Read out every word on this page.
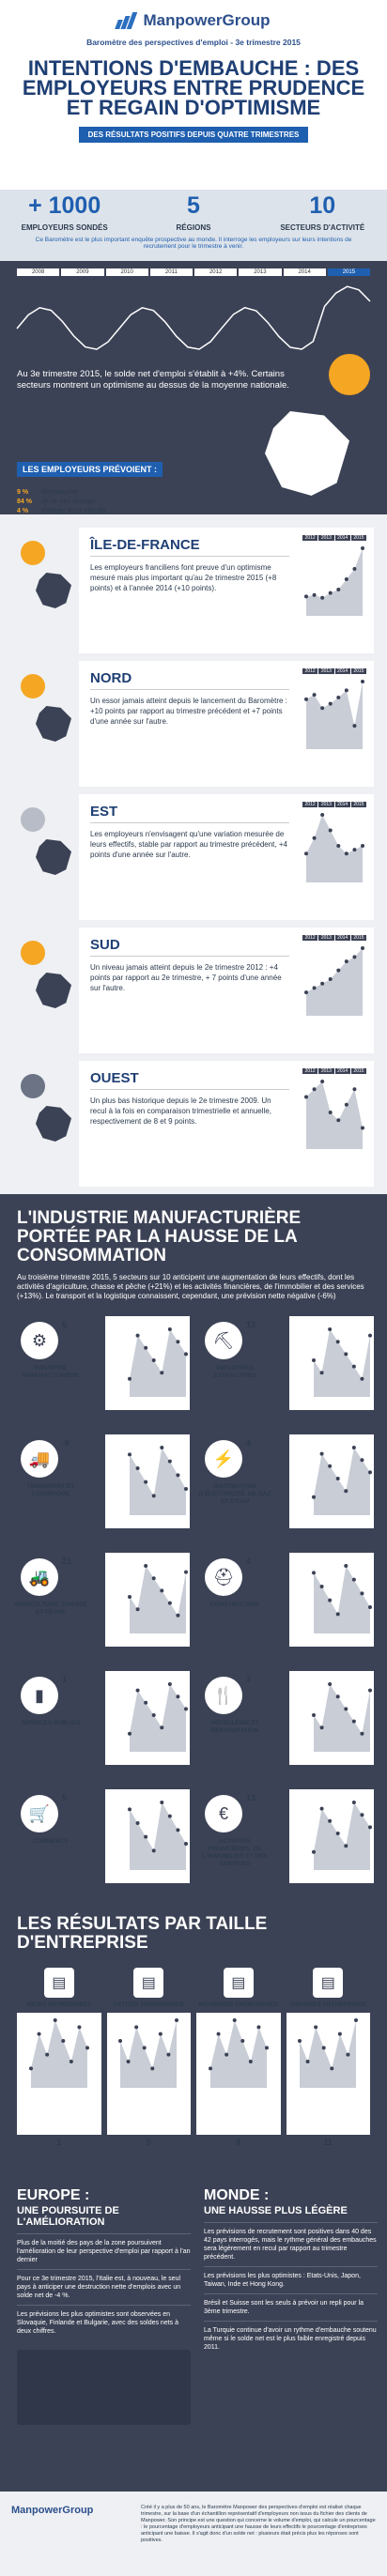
ManpowerGroup
Baromètre des perspectives d'emploi - 3e trimestre 2015
INTENTIONS D'EMBAUCHE : DES EMPLOYEURS ENTRE PRUDENCE ET REGAIN D'OPTIMISME
DES RÉSULTATS POSITIFS DEPUIS QUATRE TRIMESTRES
+ 1000
EMPLOYEURS SONDÉS
5
RÉGIONS
10
SECTEURS D'ACTIVITÉ
Ce Baromètre est le plus important enquête prospective au monde. Il interroge les employeurs sur leurs intentions de recrutement pour le trimestre à venir.
2008	2009	2010	2011	2012	2013	2014	2015
Au 3e trimestre 2015, le solde net d'emploi s'établit à +4%. Certains secteurs montrent un optimisme au dessus de la moyenne nationale.
LES EMPLOYEURS PRÉVOIENT :
9 % d'embaucher
84 % de ne rien changer
4 % d'alléger leurs effectifs
ÎLE-DE-FRANCE

Les employeurs franciliens font preuve d'un optimisme mesuré mais plus important qu'au 2e trimestre 2015 (+8 points) et à l'année 2014 (+10 points).

2012	2013	2014	2015
NORD

Un essor jamais atteint depuis le lancement du Baromètre : +10 points par rapport au trimestre précédent et +7 points d'une année sur l'autre.

2012	2013	2014	2015
EST

Les employeurs n'envisagent qu'une variation mesurée de leurs effectifs, stable par rapport au trimestre précédent, +4 points d'une année sur l'autre.

2012	2013	2014	2015
SUD

Un niveau jamais atteint depuis le 2e trimestre 2012 : +4 points par rapport au 2e trimestre, + 7 points d'une année sur l'autre.

2012	2013	2014	2015
OUEST

Un plus bas historique depuis le 2e trimestre 2009. Un recul à la fois en comparaison trimestrielle et annuelle, respectivement de 8 et 9 points.

2012	2013	2014	2015
L'INDUSTRIE MANUFACTURIÈRE PORTÉE PAR LA HAUSSE DE LA CONSOMMATION
Au troisième trimestre 2015, 5 secteurs sur 10 anticipent une augmentation de leurs effectifs, dont les activités d'agriculture, chasse et pêche (+21%) et les activités financières, de l'immobilier et des services (+13%). Le transport et la logistique connaissent, cependant, une prévision nette négative (-6%)
⚙
6
INDUSTRIE MANUFACTURIÈRE
⛏
13
INDUSTRIES EXTRACTIVES
🚚
-6
TRANSPORT ET LOGISTIQUE
⚡
4
DISTRIBUTION D'ÉLECTRICITÉ, DE GAZ ET D'EAU
🚜
21
AGRICULTURE, CHASSE ET PÊCHE
⛑
4
CONSTRUCTION
▮
1
SERVICES PUBLICS
🍴
3
HÔTELLERIE ET RESTAURATION
🛒
5
COMMERCE
€
13
ACTIVITÉS FINANCIÈRES, DE L'IMMOBILIER ET DES SERVICES
LES RÉSULTATS PAR TAILLE D'ENTREPRISE
▤
MICRO ENTREPRISES
1
▤
PETITES ENTREPRISES
5
▤
MOYENNES ENTREPRISES
9
▤
GRANDES ENTREPRISES
11
EUROPE :
UNE POURSUITE DE L'AMÉLIORATION
Plus de la moitié des pays de la zone poursuivent l'amélioration de leur perspective d'emploi par rapport à l'an dernier
Pour ce 3e trimestre 2015, l'Italie est, à nouveau, le seul pays à anticiper une destruction nette d'emplois avec un solde net de -4 %.
Les prévisions les plus optimistes sont observées en Slovaquie, Finlande et Bulgarie, avec des soldes nets à deux chiffres.
MONDE :
UNE HAUSSE PLUS LÉGÈRE
Les prévisions de recrutement sont positives dans 40 des 42 pays interrogés, mais le rythme général des embauches sera légèrement en recul par rapport au trimestre précédent.
Les prévisions les plus optimistes : Etats-Unis, Japon, Taiwan, Inde et Hong Kong.
Brésil et Suisse sont les seuls à prévoir un repli pour la 3ème trimestre.
La Turquie continue d'avoir un rythme d'embauche soutenu même si le solde net est le plus faible enregistré depuis 2011.
ManpowerGroup	Créé il y a plus de 50 ans, le Baromètre Manpower des perspectives d'emploi est réalisé chaque trimestre, sur la base d'un échantillon représentatif d'employeurs non issus du fichier des clients de Manpower. Son principe est une question qui concerne le volume d'emploi, qui calcule un pourcentage : le pourcentage d'employeurs anticipant une hausse de leurs effectifs le pourcentage d'entreprises anticipant une baisse. Il s'agit donc d'un solde net : plusieurs était précis plus les réponses sont positives.
